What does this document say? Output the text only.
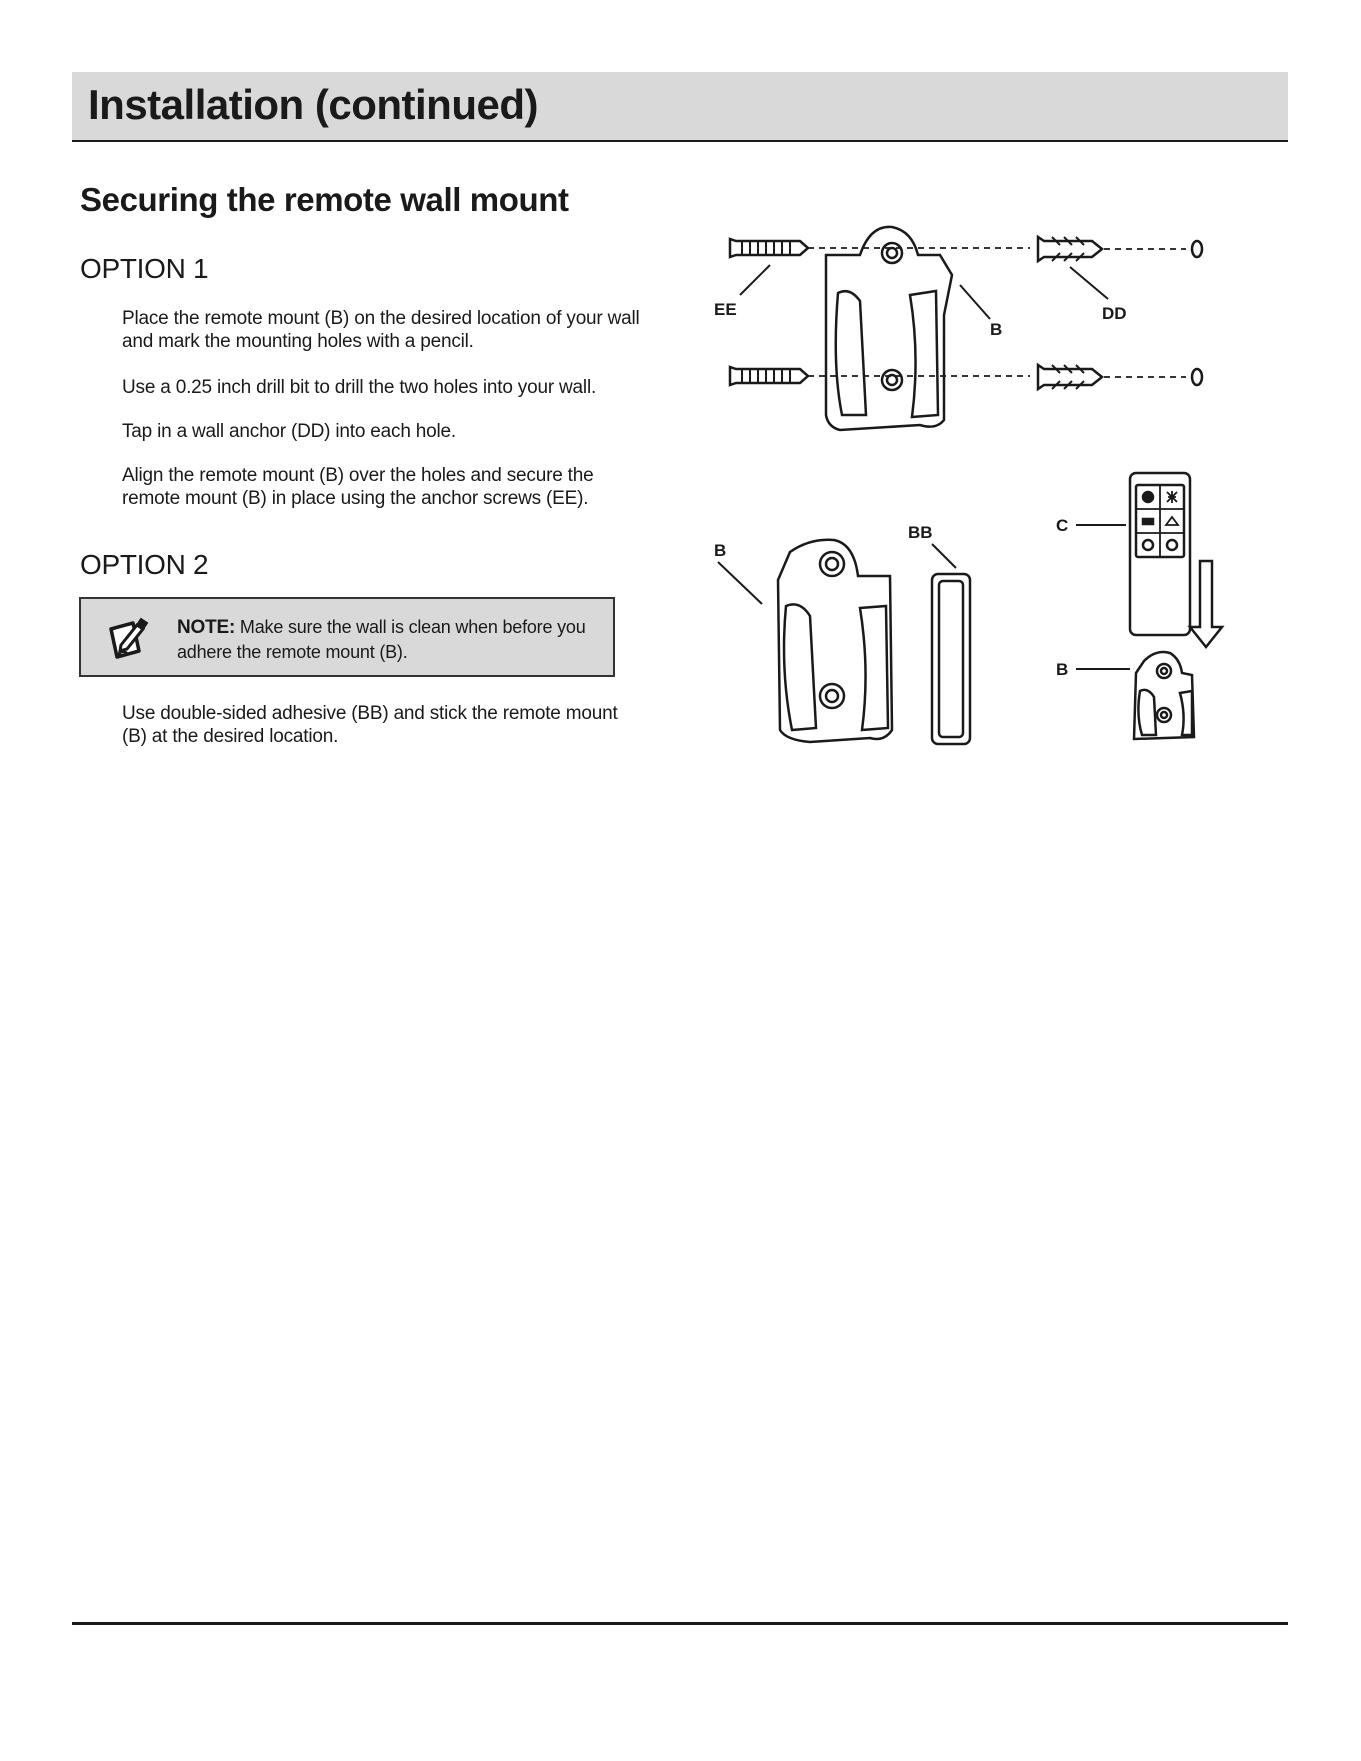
Installation (continued)
Securing the remote wall mount
OPTION 1

Place the remote mount (B) on the desired location of your wall and mark the mounting holes with a pencil.

Use a 0.25 inch drill bit to drill the two holes into your wall.

Tap in a wall anchor (DD) into each hole.

Align the remote mount (B) over the holes and secure the remote mount (B) in place using the anchor screws (EE).

OPTION 2
NOTE: Make sure the wall is clean when before you adhere the remote mount (B).

Use double-sided adhesive (BB) and stick the remote mount (B) at the desired location.

EE
B
DD
B
BB	C
B
